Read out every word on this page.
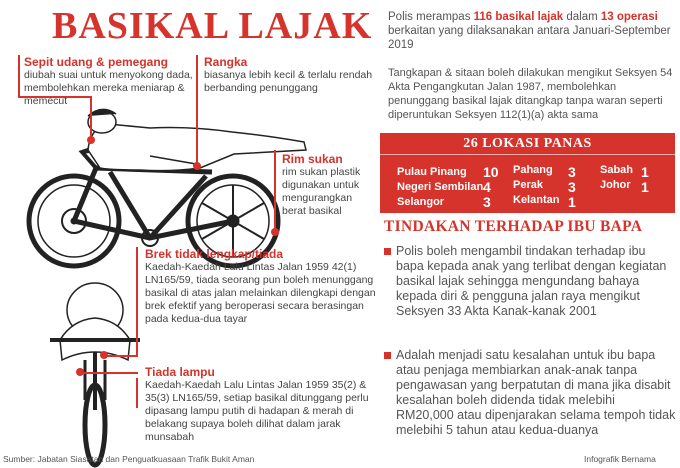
BASIKAL LAJAK
Sepit udang & pemegang
diubah suai untuk menyokong dada, membolehkan mereka meniarap & memecut
Rangka
biasanya lebih kecil & terlalu rendah berbanding penunggang
Rim sukan
rim sukan plastik digunakan untuk mengurangkan berat basikal
Brek tidak lengkap/tiada
Kaedah-Kaedah Lalu Lintas Jalan 1959 42(1) LN165/59, tiada seorang pun boleh menunggang basikal di atas jalan melainkan dilengkapi dengan brek efektif yang beroperasi secara berasingan pada kedua-dua tayar
Tiada lampu
Kaedah-Kaedah Lalu Lintas Jalan 1959 35(2) & 35(3) LN165/59, setiap basikal ditunggang perlu dipasang lampu putih di hadapan & merah di belakang supaya boleh dilihat dalam jarak munsabah
Polis merampas 116 basikal lajak dalam 13 operasi berkaitan yang dilaksanakan antara Januari-September 2019
Tangkapan & sitaan boleh dilakukan mengikut Seksyen 54 Akta Pengangkutan Jalan 1987, membolehkan penunggang basikal lajak ditangkap tanpa waran seperti diperuntukan Seksyen 112(1)(a) akta sama
26 LOKASI PANAS
Pulau Pinang 10
Negeri Sembilan 4
Selangor	3
Pahang 3
Perak 3
Kelantan 1
Sabah 1
Johor 1
TINDAKAN TERHADAP IBU BAPA
Polis boleh mengambil tindakan terhadap ibu bapa kepada anak yang terlibat dengan kegiatan basikal lajak sehingga mengundang bahaya kepada diri & pengguna jalan raya mengikut Seksyen 33 Akta Kanak-kanak 2001
Adalah menjadi satu kesalahan untuk ibu bapa atau penjaga membiarkan anak-anak tanpa pengawasan yang berpatutan di mana jika disabit kesalahan boleh didenda tidak melebihi RM20,000 atau dipenjarakan selama tempoh tidak melebihi 5 tahun atau kedua-duanya
Sumber: Jabatan Siasatan dan Penguatkuasaan Trafik Bukit Aman	Infografik Bernama
